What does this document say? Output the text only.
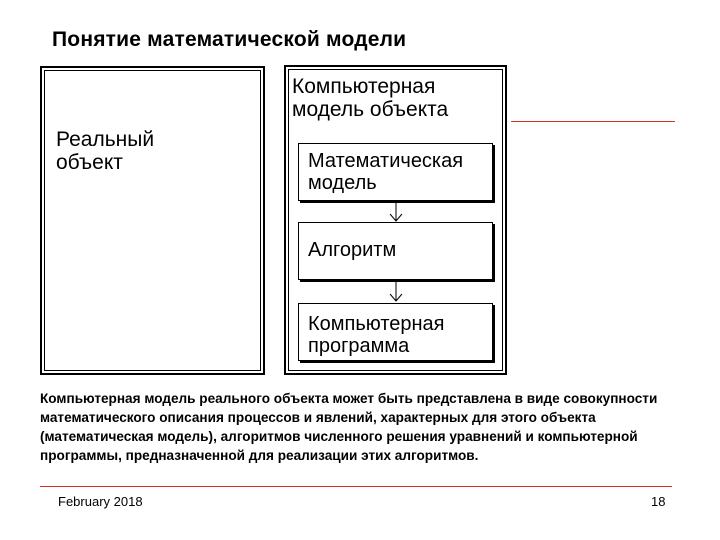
Понятие математической модели
Реальный
объект
Компьютерная
модель объекта
Математическая
модель
Алгоритм
Компьютерная
программа
Компьютерная модель реального объекта может быть представлена в виде совокупности математического описания процессов и явлений, характерных для этого объекта (математическая модель), алгоритмов численного решения уравнений и компьютерной программы, предназначенной для реализации этих алгоритмов.
February 2018	18
